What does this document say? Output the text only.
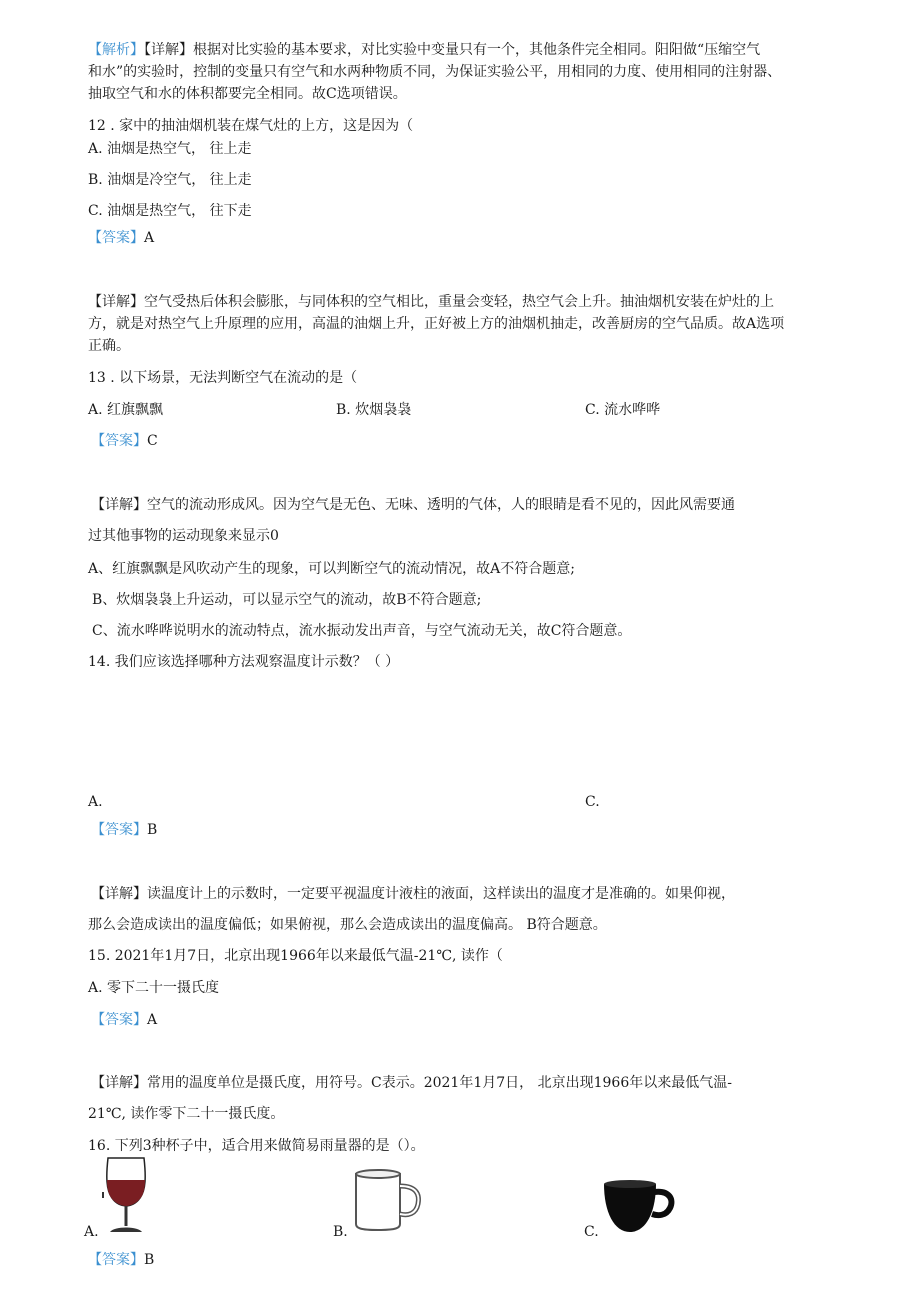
【解析】【详解】根据对比实验的基本要求，对比实验中变量只有一个，其他条件完全相同。阳阳做“压缩空气
和水”的实验时，控制的变量只有空气和水两种物质不同，为保证实验公平，用相同的力度、使用相同的注射器、
抽取空气和水的体积都要完全相同。故C选项错误。
12 . 家中的抽油烟机装在煤气灶的上方，这是因为（
A. 油烟是热空气， 往上走
B. 油烟是冷空气， 往上走
C. 油烟是热空气， 往下走
【答案】A
【详解】空气受热后体积会膨胀，与同体积的空气相比，重量会变轻，热空气会上升。抽油烟机安装在炉灶的上
方，就是对热空气上升原理的应用，高温的油烟上升，正好被上方的油烟机抽走，改善厨房的空气品质。故A选项
正确。
13 . 以下场景，无法判断空气在流动的是（
A. 红旗飘飘	B. 炊烟袅袅	C. 流水哗哗
【答案】C
【详解】空气的流动形成风。因为空气是无色、无味、透明的气体，人的眼睛是看不见的，因此风需要通
过其他事物的运动现象来显示0
A、红旗飘飘是风吹动产生的现象，可以判断空气的流动情况，故A不符合题意;
B、炊烟袅袅上升运动，可以显示空气的流动，故B不符合题意;
C、流水哗哗说明水的流动特点，流水振动发出声音，与空气流动无关，故C符合题意。
14. 我们应该选择哪种方法观察温度计示数？（ ）
A.	C.
【答案】B
【详解】读温度计上的示数时，一定要平视温度计液柱的液面，这样读出的温度才是准确的。如果仰视，
那么会造成读出的温度偏低；如果俯视，那么会造成读出的温度偏高。 B符合题意。
15. 2021年1月7日，北京出现1966年以来最低气温-21℃, 读作（
A. 零下二十一摄氏度
【答案】A
【详解】常用的温度单位是摄氏度，用符号。C表示。2021年1月7日， 北京出现1966年以来最低气温-
21℃, 读作零下二十一摄氏度。
16. 下列3种杯子中，适合用来做简易雨量器的是（）。
A.	B.	C.
【答案】B
